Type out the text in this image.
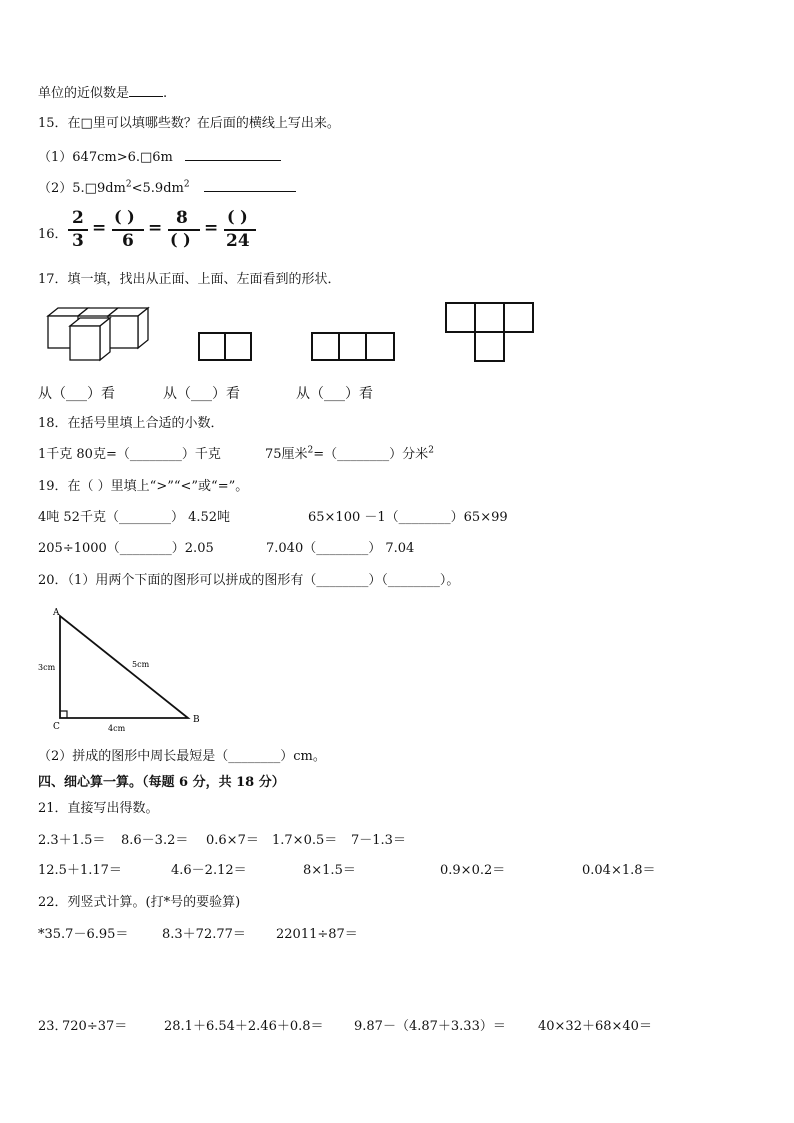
单位的近似数是	.
15．在□里可以填哪些数？在后面的横线上写出来。
（1）647cm>6.□6m
$(2)5.□9dm^2<5.9dm^2$
16．
2
3
=
( )
6
= 8
( )
=
( )
24
17．填一填，找出从正面、上面、左面看到的形状．
从（___）看	从（___）看	从（___）看
18．在括号里填上合适的小数．
1千克 80克=（________）千克	75厘米$^2$=（________）分米$^2$
19．在（ ）里填上“>”“<”或“=”。
4吨 52千克（________） 4.52吨	65×100 －1（________）65×99
205÷1000（________）2.05	7.040（________） 7.04
20．（1）用两个下面的图形可以拼成的图形有（________）（________）。
A
B
C
3cm	5cm
4cm
（2）拼成的图形中周长最短是（________）cm。
四、细心算一算。（每题 6 分，共 18 分）
21．直接写出得数。
2.3＋1.5＝ 8.6－3.2＝ 0.6×7＝ 1.7×0.5＝ 7－1.3＝
12.5＋1.17＝	4.6－2.12＝	8×1.5＝	0.9×0.2＝	0.04×1.8＝
22．列竖式计算。(打*号的要验算)
*35.7－6.95＝	8.3＋72.77＝ 22011÷87＝
23．
720÷37＝	28.1＋6.54＋2.46＋0.8＝ 9.87－（4.87＋3.33）＝ 40×32＋68×40＝
